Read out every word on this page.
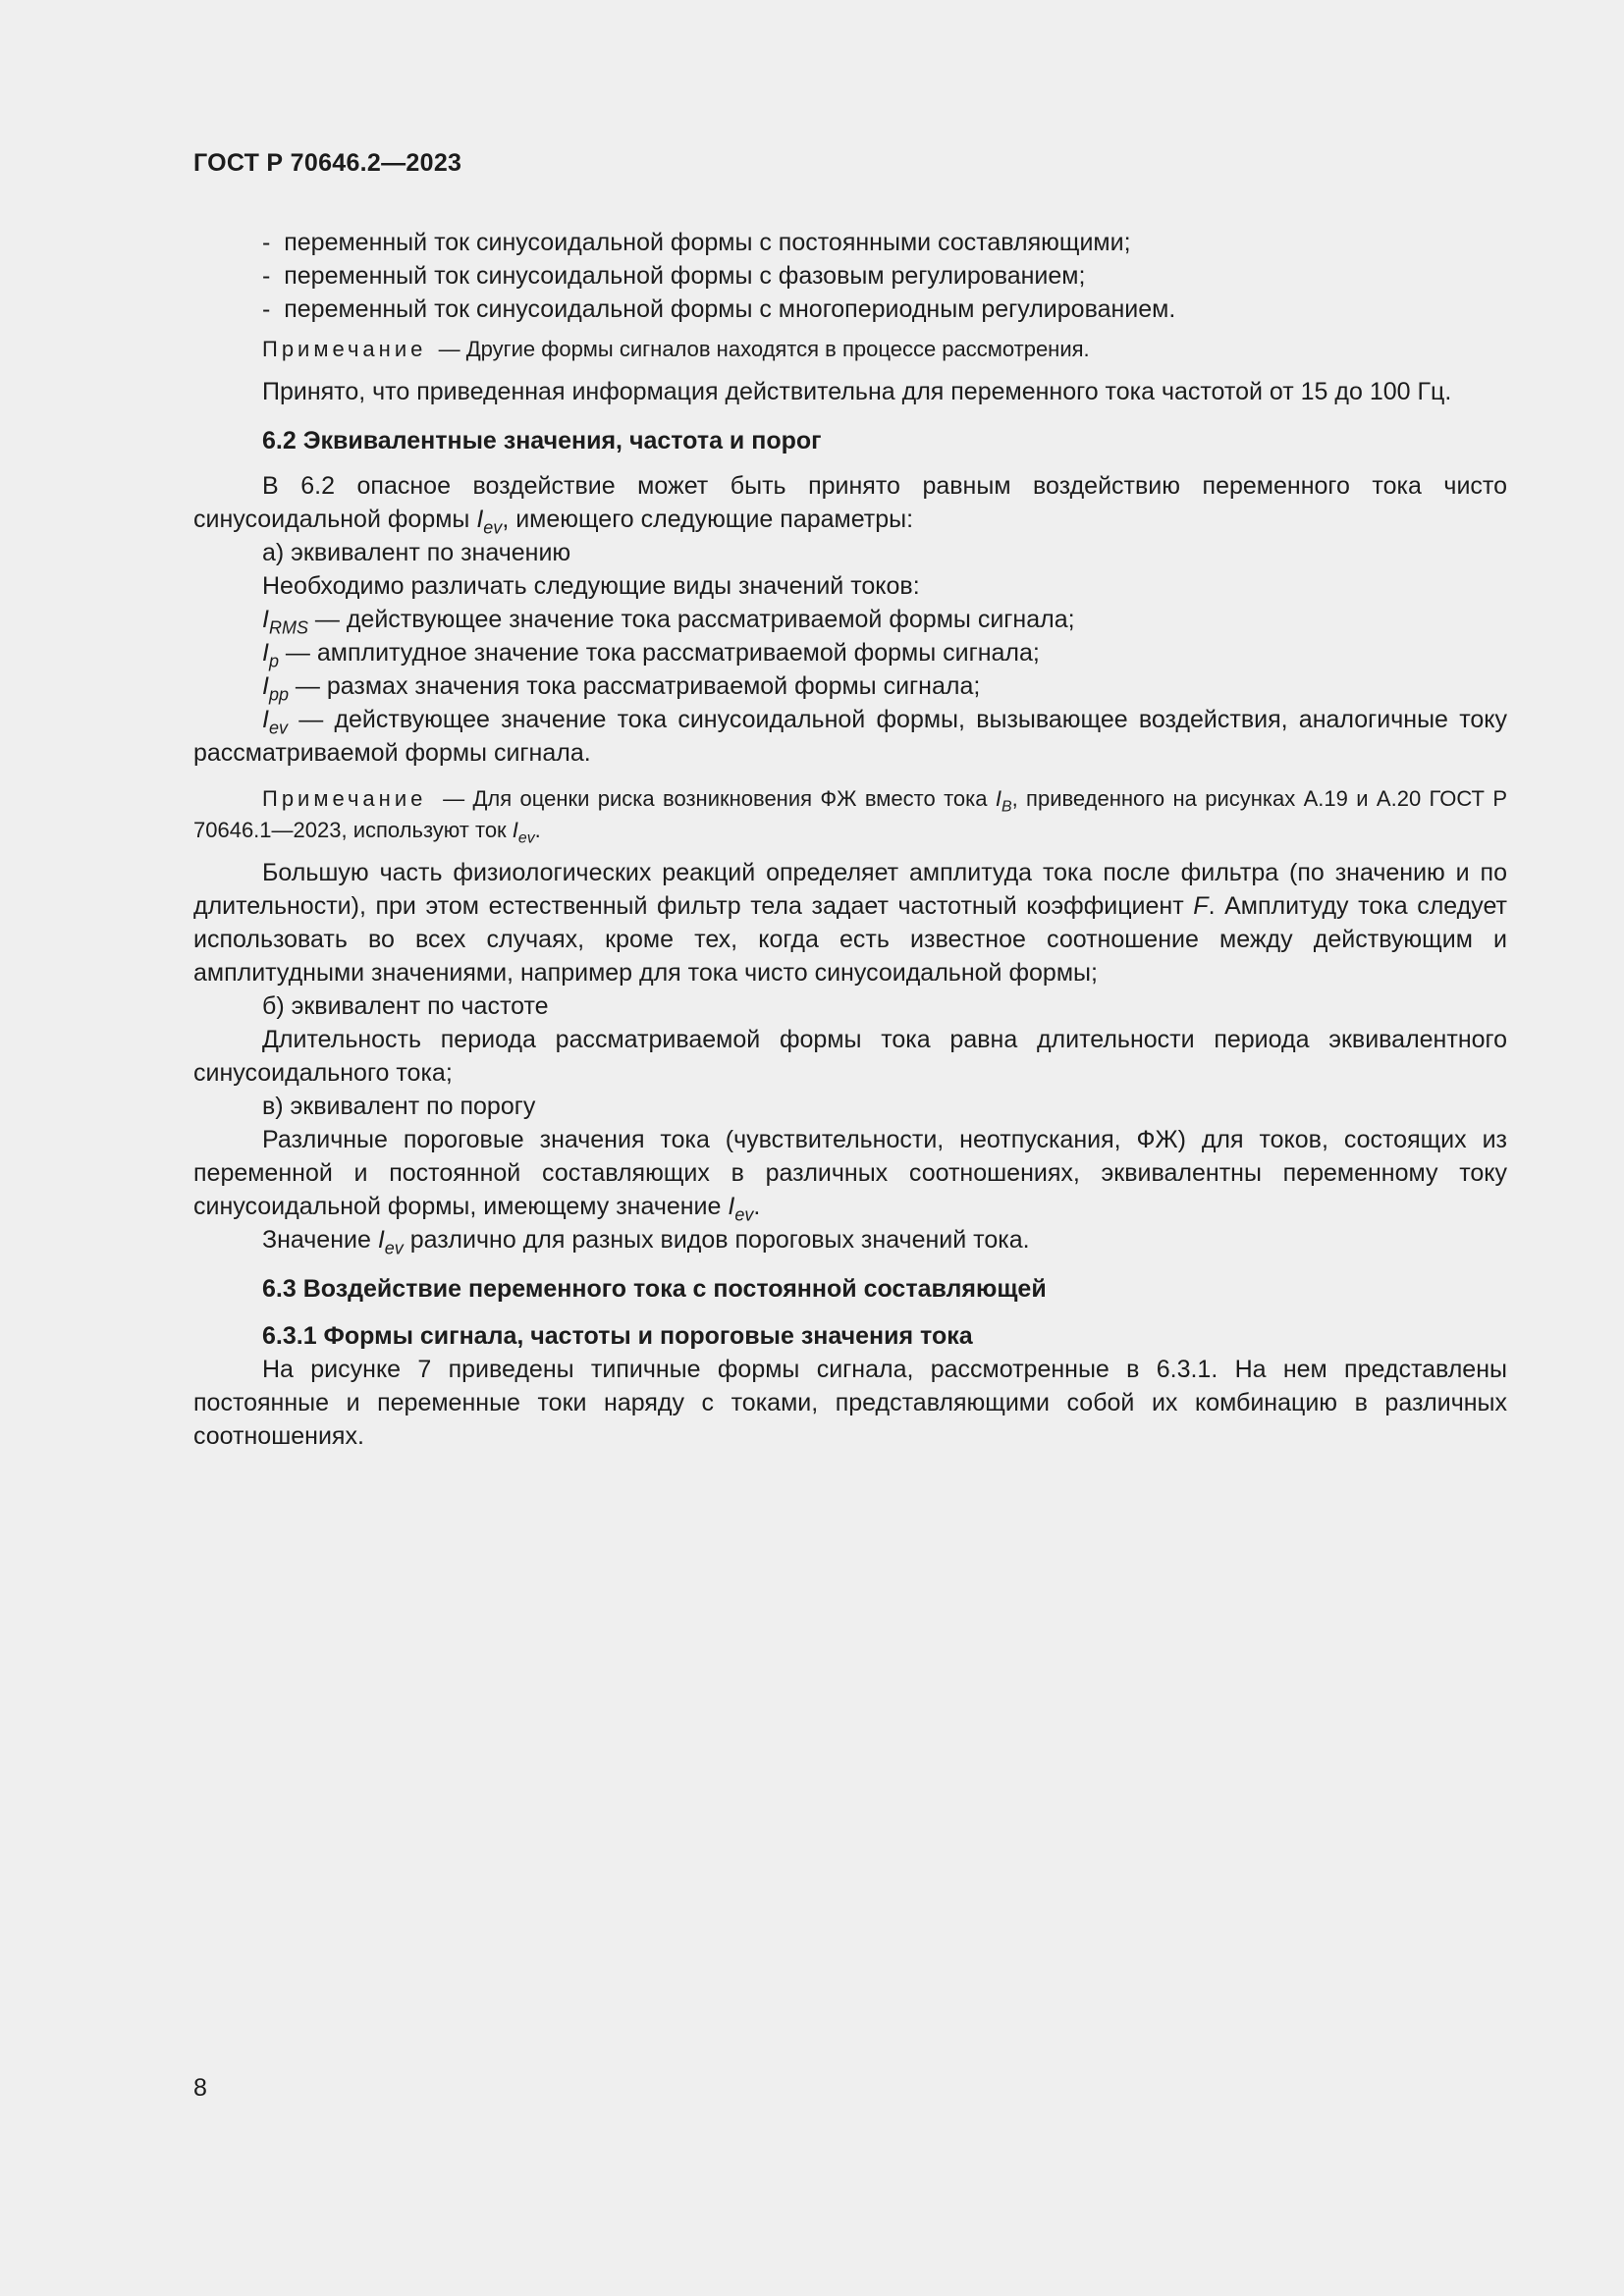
ГОСТ Р 70646.2—2023

- переменный ток синусоидальной формы с постоянными составляющими;

- переменный ток синусоидальной формы с фазовым регулированием;

- переменный ток синусоидальной формы с многопериодным регулированием.

Примечание — Другие формы сигналов находятся в процессе рассмотрения.

Принято, что приведенная информация действительна для переменного тока частотой от 15 до 100 Гц.

6.2 Эквивалентные значения, частота и порог

В 6.2 опасное воздействие может быть принято равным воздействию переменного тока чисто синусоидальной формы $I_{ev}$, имеющего следующие параметры:

а) эквивалент по значению

Необходимо различать следующие виды значений токов:

$I_{RMS}$ — действующее значение тока рассматриваемой формы сигнала;

$I_p$ — амплитудное значение тока рассматриваемой формы сигнала;

$I_{pp}$ — размах значения тока рассматриваемой формы сигнала;

$I_{ev}$ — действующее значение тока синусоидальной формы, вызывающее воздействия, аналогичные току рассматриваемой формы сигнала.

Примечание — Для оценки риска возникновения ФЖ вместо тока $I_B$, приведенного на рисунках А.19 и А.20 ГОСТ Р 70646.1—2023, используют ток $I_{ev}$.

Большую часть физиологических реакций определяет амплитуда тока после фильтра (по значению и по длительности), при этом естественный фильтр тела задает частотный коэффициент F. Амплитуду тока следует использовать во всех случаях, кроме тех, когда есть известное соотношение между действующим и амплитудными значениями, например для тока чисто синусоидальной формы;

б) эквивалент по частоте

Длительность периода рассматриваемой формы тока равна длительности периода эквивалентного синусоидального тока;

в) эквивалент по порогу

Различные пороговые значения тока (чувствительности, неотпускания, ФЖ) для токов, состоящих из переменной и постоянной составляющих в различных соотношениях, эквивалентны переменному току синусоидальной формы, имеющему значение $I_{ev}$.

Значение $I_{ev}$ различно для разных видов пороговых значений тока.

6.3 Воздействие переменного тока с постоянной составляющей

6.3.1 Формы сигнала, частоты и пороговые значения тока

На рисунке 7 приведены типичные формы сигнала, рассмотренные в 6.3.1. На нем представлены постоянные и переменные токи наряду с токами, представляющими собой их комбинацию в различных соотношениях.

8
